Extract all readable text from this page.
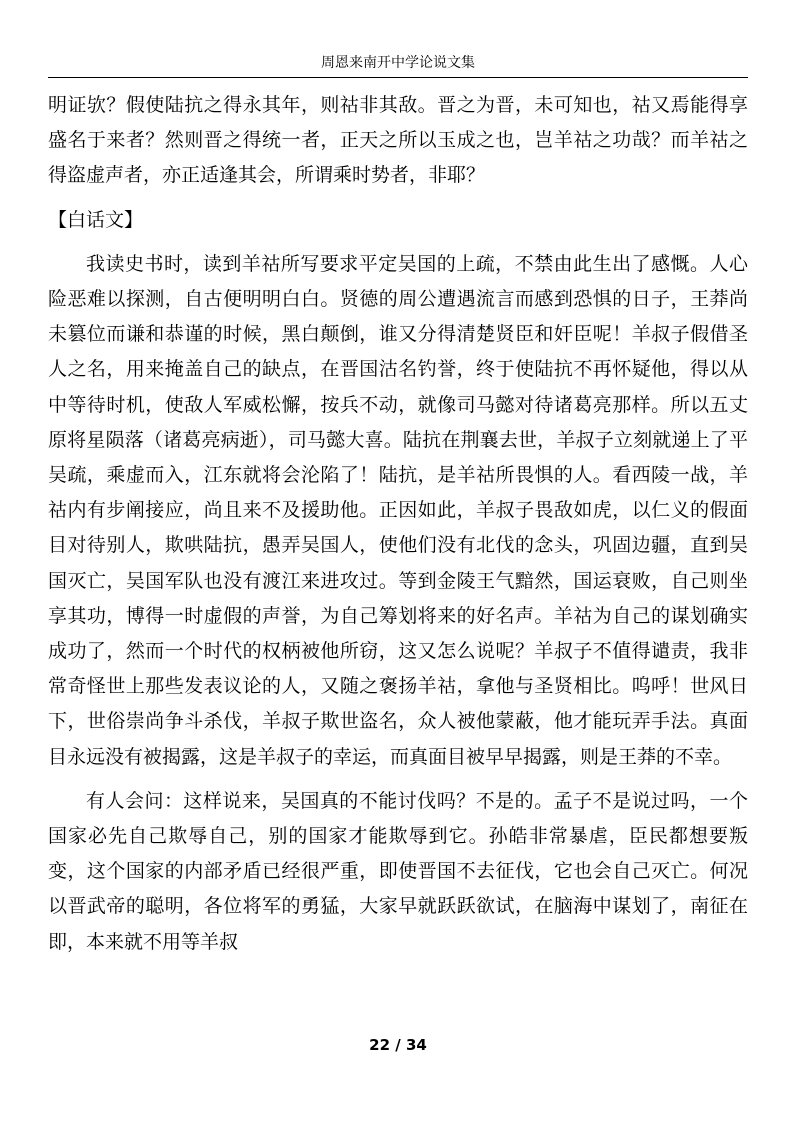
周恩来南开中学论说文集

明证欤？假使陆抗之得永其年，则祜非其敌。晋之为晋，未可知也，祜又焉能得享盛名于来者？然则晋之得统一者，正天之所以玉成之也，岂羊祜之功哉？而羊祜之得盗虚声者，亦正适逢其会，所谓乘时势者，非耶？

【白话文】

我读史书时，读到羊祜所写要求平定吴国的上疏，不禁由此生出了感慨。人心险恶难以探测，自古便明明白白。贤德的周公遭遇流言而感到恐惧的日子，王莽尚未篡位而谦和恭谨的时候，黑白颠倒，谁又分得清楚贤臣和奸臣呢！羊叔子假借圣人之名，用来掩盖自己的缺点，在晋国沽名钓誉，终于使陆抗不再怀疑他，得以从中等待时机，使敌人军威松懈，按兵不动，就像司马懿对待诸葛亮那样。所以五丈原将星陨落（诸葛亮病逝），司马懿大喜。陆抗在荆襄去世，羊叔子立刻就递上了平吴疏，乘虚而入，江东就将会沦陷了！陆抗，是羊祜所畏惧的人。看西陵一战，羊祜内有步阐接应，尚且来不及援助他。正因如此，羊叔子畏敌如虎，以仁义的假面目对待别人，欺哄陆抗，愚弄吴国人，使他们没有北伐的念头，巩固边疆，直到吴国灭亡，吴国军队也没有渡江来进攻过。等到金陵王气黯然，国运衰败，自己则坐享其功，博得一时虚假的声誉，为自己筹划将来的好名声。羊祜为自己的谋划确实成功了，然而一个时代的权柄被他所窃，这又怎么说呢？羊叔子不值得谴责，我非常奇怪世上那些发表议论的人，又随之褒扬羊祜，拿他与圣贤相比。呜呼！世风日下，世俗崇尚争斗杀伐，羊叔子欺世盗名，众人被他蒙蔽，他才能玩弄手法。真面目永远没有被揭露，这是羊叔子的幸运，而真面目被早早揭露，则是王莽的不幸。

有人会问：这样说来，吴国真的不能讨伐吗？不是的。孟子不是说过吗，一个国家必先自己欺辱自己，别的国家才能欺辱到它。孙皓非常暴虐，臣民都想要叛变，这个国家的内部矛盾已经很严重，即使晋国不去征伐，它也会自己灭亡。何况以晋武帝的聪明，各位将军的勇猛，大家早就跃跃欲试，在脑海中谋划了，南征在即，本来就不用等羊叔

22 / 34
